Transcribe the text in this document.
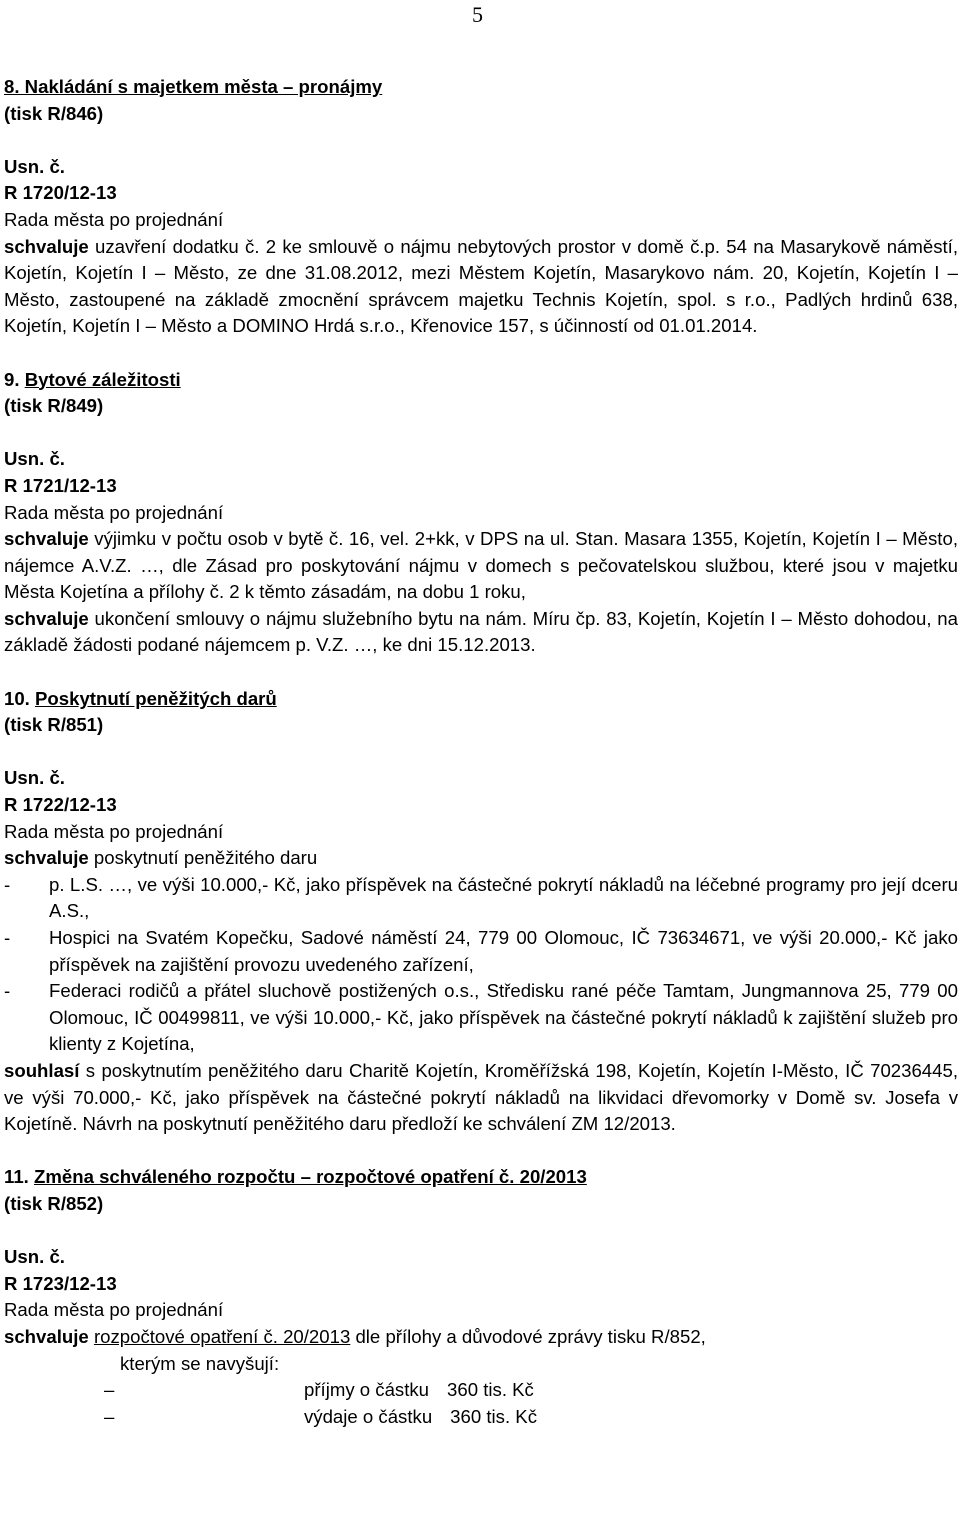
5

8. Nakládání s majetkem města – pronájmy

(tisk R/846)

Usn. č.

R 1720/12-13

Rada města po projednání

schvaluje uzavření dodatku č. 2 ke smlouvě o nájmu nebytových prostor v domě č.p. 54 na Masarykově náměstí, Kojetín, Kojetín I – Město, ze dne 31.08.2012, mezi Městem Kojetín, Masarykovo nám. 20, Kojetín, Kojetín I – Město, zastoupené na základě zmocnění správcem majetku Technis Kojetín, spol. s r.o., Padlých hrdinů 638, Kojetín, Kojetín I – Město a DOMINO Hrdá s.r.o., Křenovice 157, s účinností od 01.01.2014.

9. Bytové záležitosti

(tisk R/849)

Usn. č.

R 1721/12-13

Rada města po projednání

schvaluje výjimku v počtu osob v bytě č. 16, vel. 2+kk, v DPS na ul. Stan. Masara 1355, Kojetín, Kojetín I – Město, nájemce A.V.Z. …, dle Zásad pro poskytování nájmu v domech s pečovatelskou službou, které jsou v majetku Města Kojetína a přílohy č. 2 k těmto zásadám, na dobu 1 roku,

schvaluje ukončení smlouvy o nájmu služebního bytu na nám. Míru čp. 83, Kojetín, Kojetín I – Město dohodou, na základě žádosti podané nájemcem p. V.Z. …, ke dni 15.12.2013.

10. Poskytnutí peněžitých darů

(tisk R/851)

Usn. č.

R 1722/12-13

Rada města po projednání

schvaluje poskytnutí peněžitého daru

-	p. L.S. …, ve výši 10.000,- Kč, jako příspěvek na částečné pokrytí nákladů na léčebné programy pro její dceru A.S.,
-	Hospici na Svatém Kopečku, Sadové náměstí 24, 779 00 Olomouc, IČ 73634671, ve výši 20.000,- Kč jako příspěvek na zajištění provozu uvedeného zařízení,
-	Federaci rodičů a přátel sluchově postižených o.s., Středisku rané péče Tamtam, Jungmannova 25, 779 00 Olomouc, IČ 00499811, ve výši 10.000,- Kč, jako příspěvek na částečné pokrytí nákladů k zajištění služeb pro klienty z Kojetína,

souhlasí s poskytnutím peněžitého daru Charitě Kojetín, Kroměřížská 198, Kojetín, Kojetín I-Město, IČ 70236445, ve výši 70.000,- Kč, jako příspěvek na částečné pokrytí nákladů na likvidaci dřevomorky v Domě sv. Josefa v Kojetíně. Návrh na poskytnutí peněžitého daru předloží ke schválení ZM 12/2013.

11. Změna schváleného rozpočtu – rozpočtové opatření č. 20/2013

(tisk R/852)

Usn. č.

R 1723/12-13

Rada města po projednání

schvaluje rozpočtové opatření č. 20/2013 dle přílohy a důvodové zprávy tisku R/852,

kterým se navyšují:

–	příjmy o částku 360 tis. Kč
–	výdaje o částku 360 tis. Kč
